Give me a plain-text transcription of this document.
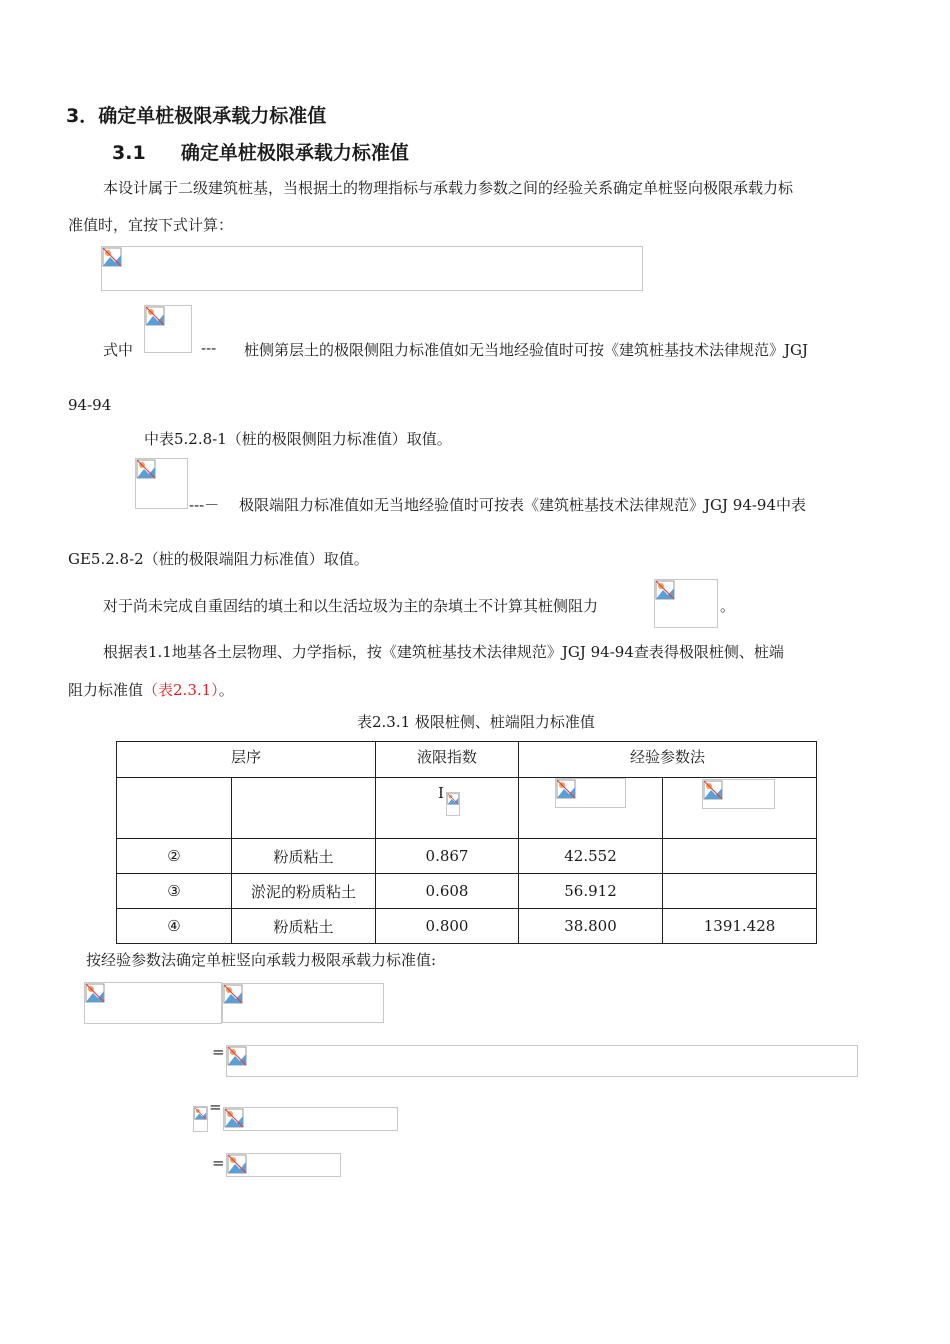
3．确定单桩极限承载力标准值
3.1 确定单桩极限承载力标准值
本设计属于二级建筑桩基，当根据土的物理指标与承载力参数之间的经验关系确定单桩竖向极限承载力标
准值时，宜按下式计算：
式中	--- 桩侧第层土的极限侧阻力标准值如无当地经验值时可按《建筑桩基技术法律规范》JGJ
94-94
中表5.2.8-1（桩的极限侧阻力标准值）取值。
---－ 极限端阻力标准值如无当地经验值时可按表《建筑桩基技术法律规范》JGJ 94-94中表
GE5.2.8-2（桩的极限端阻力标准值）取值。
对于尚未完成自重固结的填土和以生活垃圾为主的杂填土不计算其桩侧阻力	。
根据表1.1地基各土层物理、力学指标，按《建筑桩基技术法律规范》JGJ 94-94查表得极限桩侧、桩端
阻力标准值（表2.3.1）。
表2.3.1 极限桩侧、桩端阻力标准值
层序		液限指数	经验参数法	

		I

②	粉质粘土	0.867	42.552	
③	淤泥的粉质粘土	0.608	56.912	
④	粉质粘土	0.800	38.800	1391.428
按经验参数法确定单桩竖向承载力极限承载力标准值:
=
=
=
